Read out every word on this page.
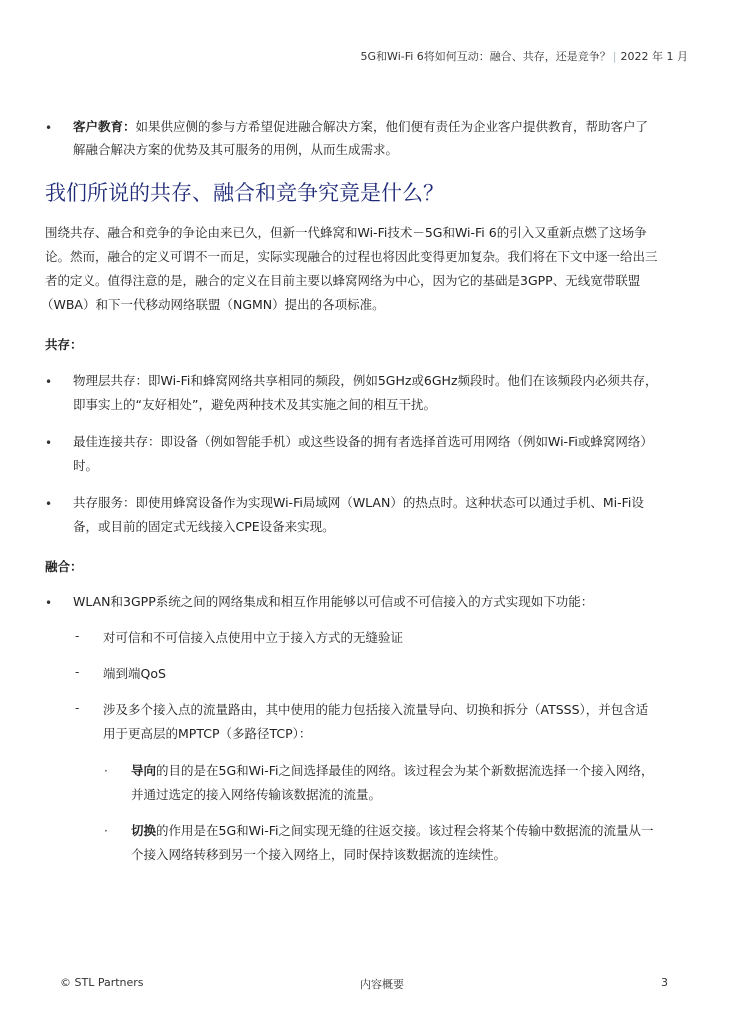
5G和Wi-Fi 6将如何互动：融合、共存，还是竞争？ | 2022 年 1 月
• 客户教育：如果供应侧的参与方希望促进融合解决方案，他们便有责任为企业客户提供教育，帮助客户了
解融合解决方案的优势及其可服务的用例，从而生成需求。
我们所说的共存、融合和竞争究竟是什么？
围绕共存、融合和竞争的争论由来已久，但新一代蜂窝和Wi-Fi技术－5G和Wi-Fi 6的引入又重新点燃了这场争
论。然而，融合的定义可谓不一而足，实际实现融合的过程也将因此变得更加复杂。我们将在下文中逐一给出三
者的定义。值得注意的是，融合的定义在目前主要以蜂窝网络为中心，因为它的基础是3GPP、无线宽带联盟
（WBA）和下一代移动网络联盟（NGMN）提出的各项标准。
共存：
• 物理层共存：即Wi-Fi和蜂窝网络共享相同的频段，例如5GHz或6GHz频段时。他们在该频段内必须共存，
即事实上的“友好相处”，避免两种技术及其实施之间的相互干扰。
• 最佳连接共存：即设备（例如智能手机）或这些设备的拥有者选择首选可用网络（例如Wi-Fi或蜂窝网络）
时。
• 共存服务：即使用蜂窝设备作为实现Wi-Fi局域网（WLAN）的热点时。这种状态可以通过手机、Mi-Fi设
备，或目前的固定式无线接入CPE设备来实现。
融合：
• WLAN和3GPP系统之间的网络集成和相互作用能够以可信或不可信接入的方式实现如下功能：
- 对可信和不可信接入点使用中立于接入方式的无缝验证
- 端到端QoS
- 涉及多个接入点的流量路由，其中使用的能力包括接入流量导向、切换和拆分（ATSSS），并包含适
用于更高层的MPTCP（多路径TCP）：
· 导向的目的是在5G和Wi-Fi之间选择最佳的网络。该过程会为某个新数据流选择一个接入网络，
并通过选定的接入网络传输该数据流的流量。
· 切换的作用是在5G和Wi-Fi之间实现无缝的往返交接。该过程会将某个传输中数据流的流量从一
个接入网络转移到另一个接入网络上，同时保持该数据流的连续性。
© STL Partners	内容概要	3
